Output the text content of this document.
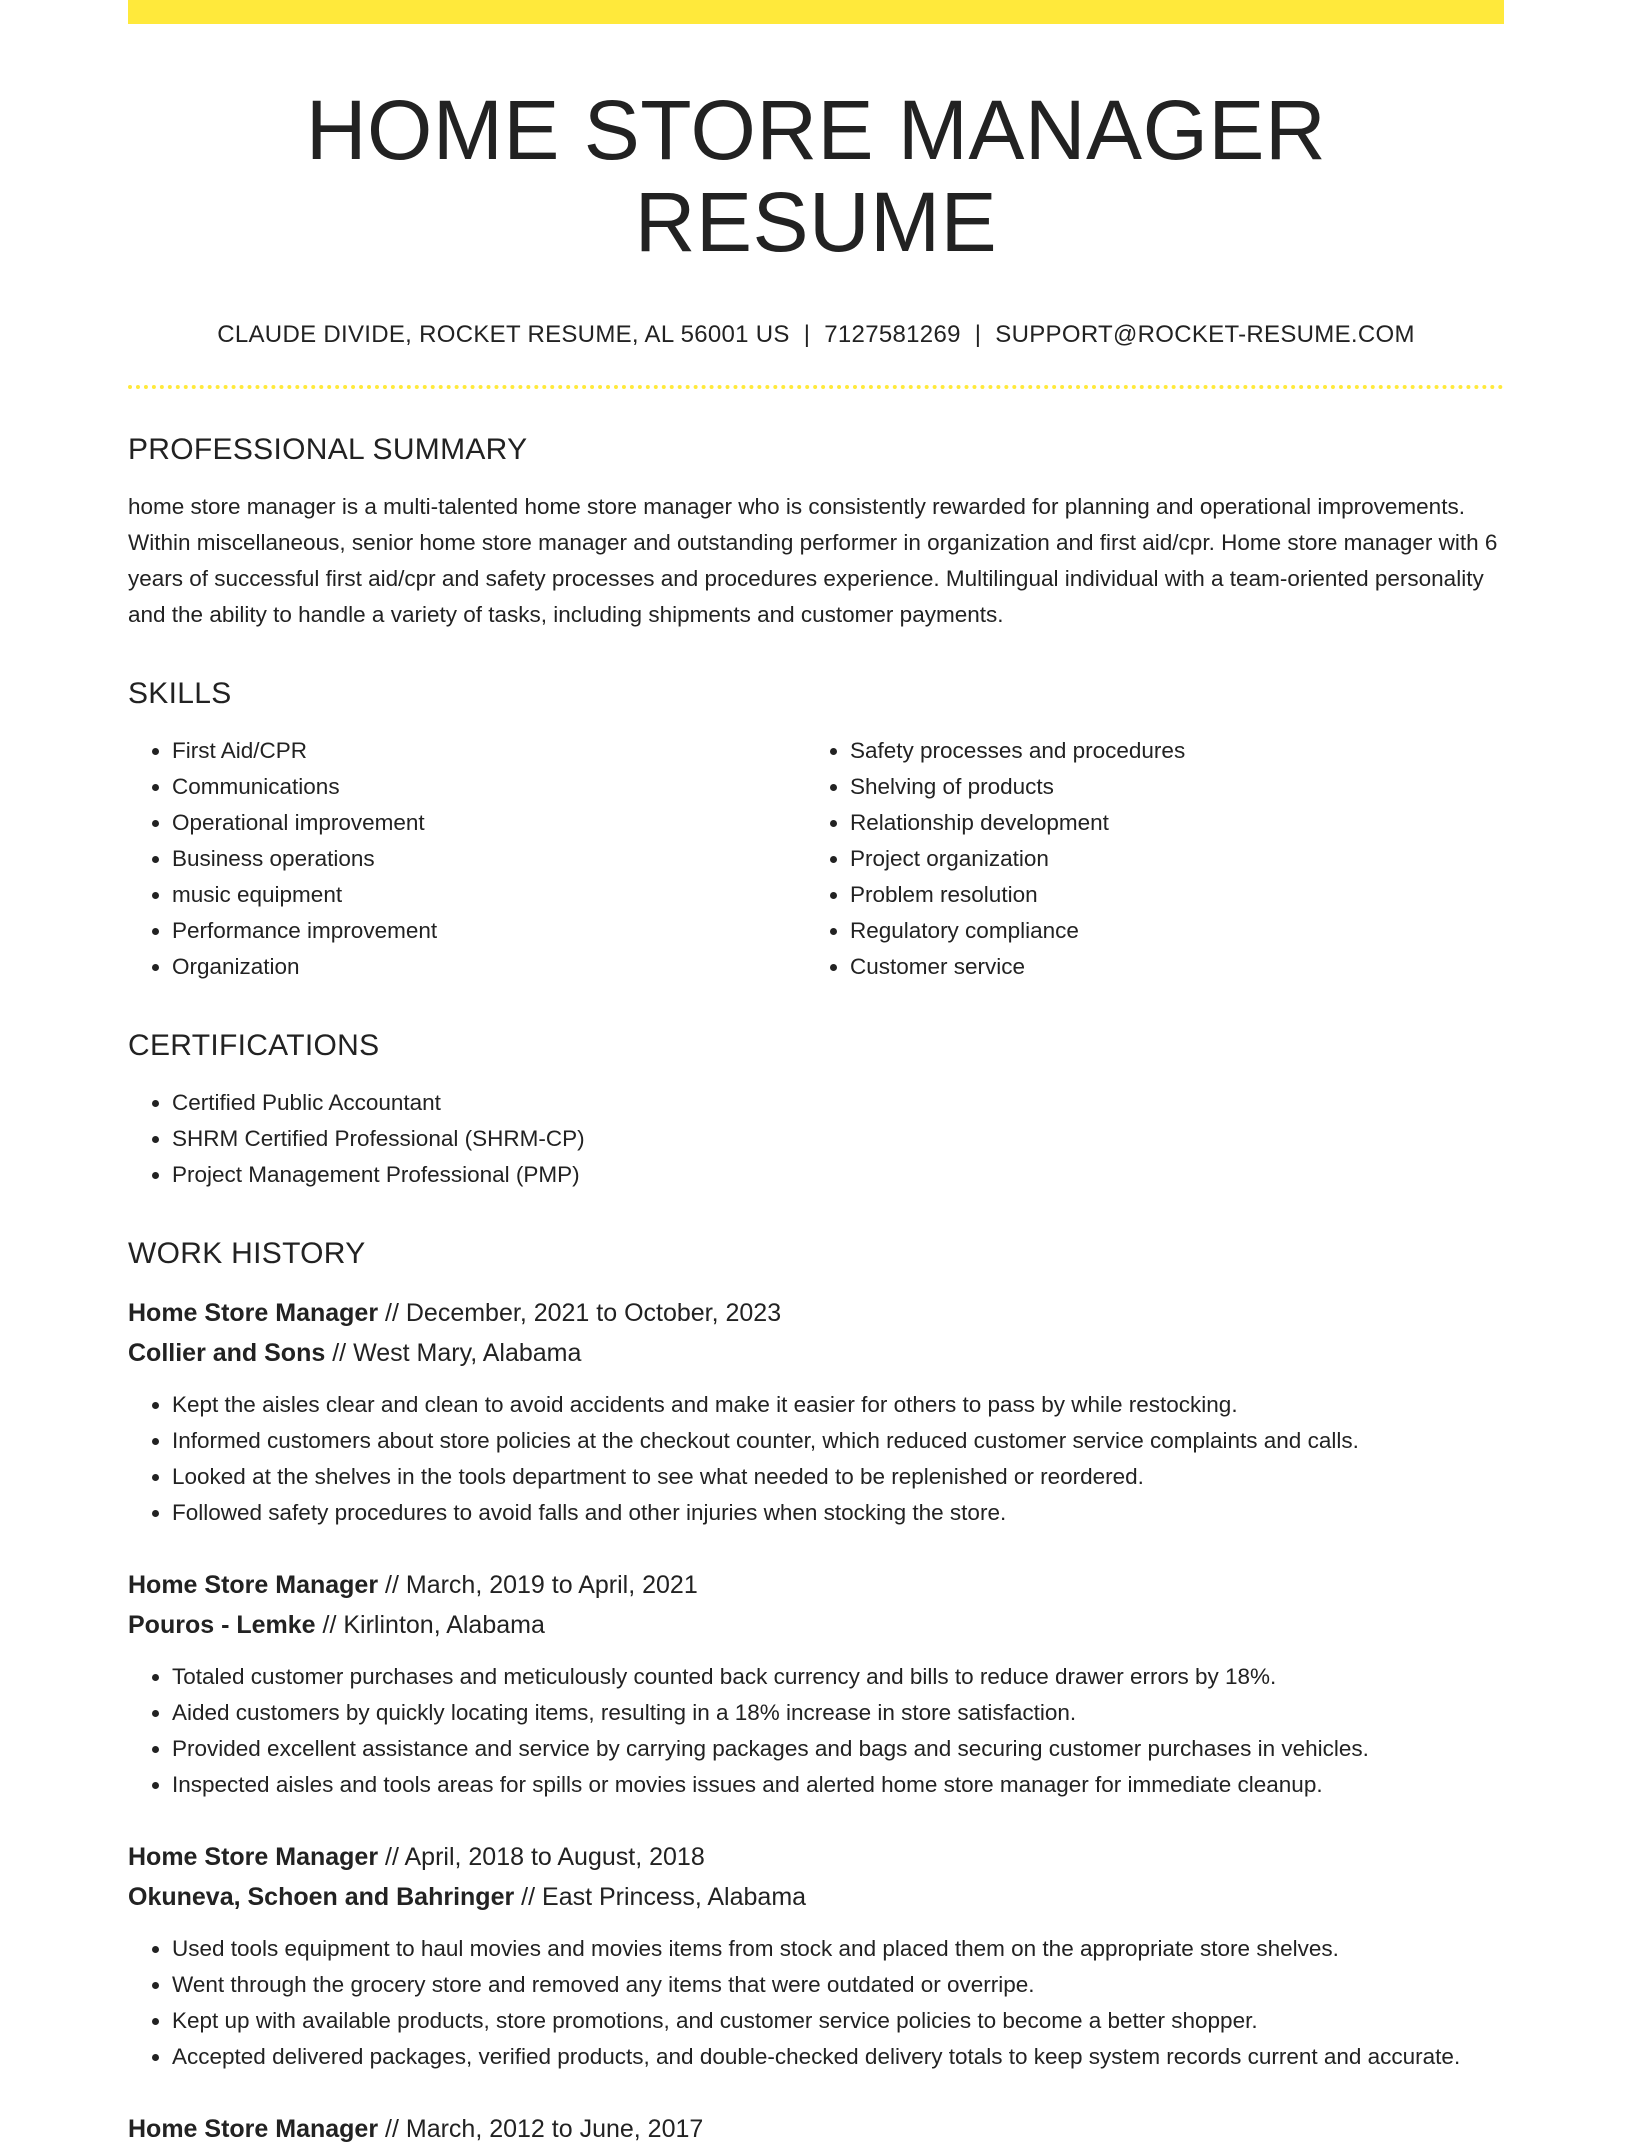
HOME STORE MANAGER RESUME
CLAUDE DIVIDE, ROCKET RESUME, AL 56001 US | 7127581269 | SUPPORT@ROCKET-RESUME.COM
PROFESSIONAL SUMMARY

home store manager is a multi-talented home store manager who is consistently rewarded for planning and operational improvements. Within miscellaneous, senior home store manager and outstanding performer in organization and first aid/cpr. Home store manager with 6 years of successful first aid/cpr and safety processes and procedures experience. Multilingual individual with a team-oriented personality and the ability to handle a variety of tasks, including shipments and customer payments.

SKILLS
• First Aid/CPR
• Communications
• Operational improvement
• Business operations
• music equipment
• Performance improvement
• Organization
• Safety processes and procedures
• Shelving of products
• Relationship development
• Project organization
• Problem resolution
• Regulatory compliance
• Customer service
CERTIFICATIONS
• Certified Public Accountant
• SHRM Certified Professional (SHRM-CP)
• Project Management Professional (PMP)
WORK HISTORY
Home Store Manager // December, 2021 to October, 2023
Collier and Sons // West Mary, Alabama
• Kept the aisles clear and clean to avoid accidents and make it easier for others to pass by while restocking.
• Informed customers about store policies at the checkout counter, which reduced customer service complaints and calls.
• Looked at the shelves in the tools department to see what needed to be replenished or reordered.
• Followed safety procedures to avoid falls and other injuries when stocking the store.
Home Store Manager // March, 2019 to April, 2021
Pouros - Lemke // Kirlinton, Alabama
• Totaled customer purchases and meticulously counted back currency and bills to reduce drawer errors by 18%.
• Aided customers by quickly locating items, resulting in a 18% increase in store satisfaction.
• Provided excellent assistance and service by carrying packages and bags and securing customer purchases in vehicles.
• Inspected aisles and tools areas for spills or movies issues and alerted home store manager for immediate cleanup.
Home Store Manager // April, 2018 to August, 2018
Okuneva, Schoen and Bahringer // East Princess, Alabama
• Used tools equipment to haul movies and movies items from stock and placed them on the appropriate store shelves.
• Went through the grocery store and removed any items that were outdated or overripe.
• Kept up with available products, store promotions, and customer service policies to become a better shopper.
• Accepted delivered packages, verified products, and double-checked delivery totals to keep system records current and accurate.
Home Store Manager // March, 2012 to June, 2017
